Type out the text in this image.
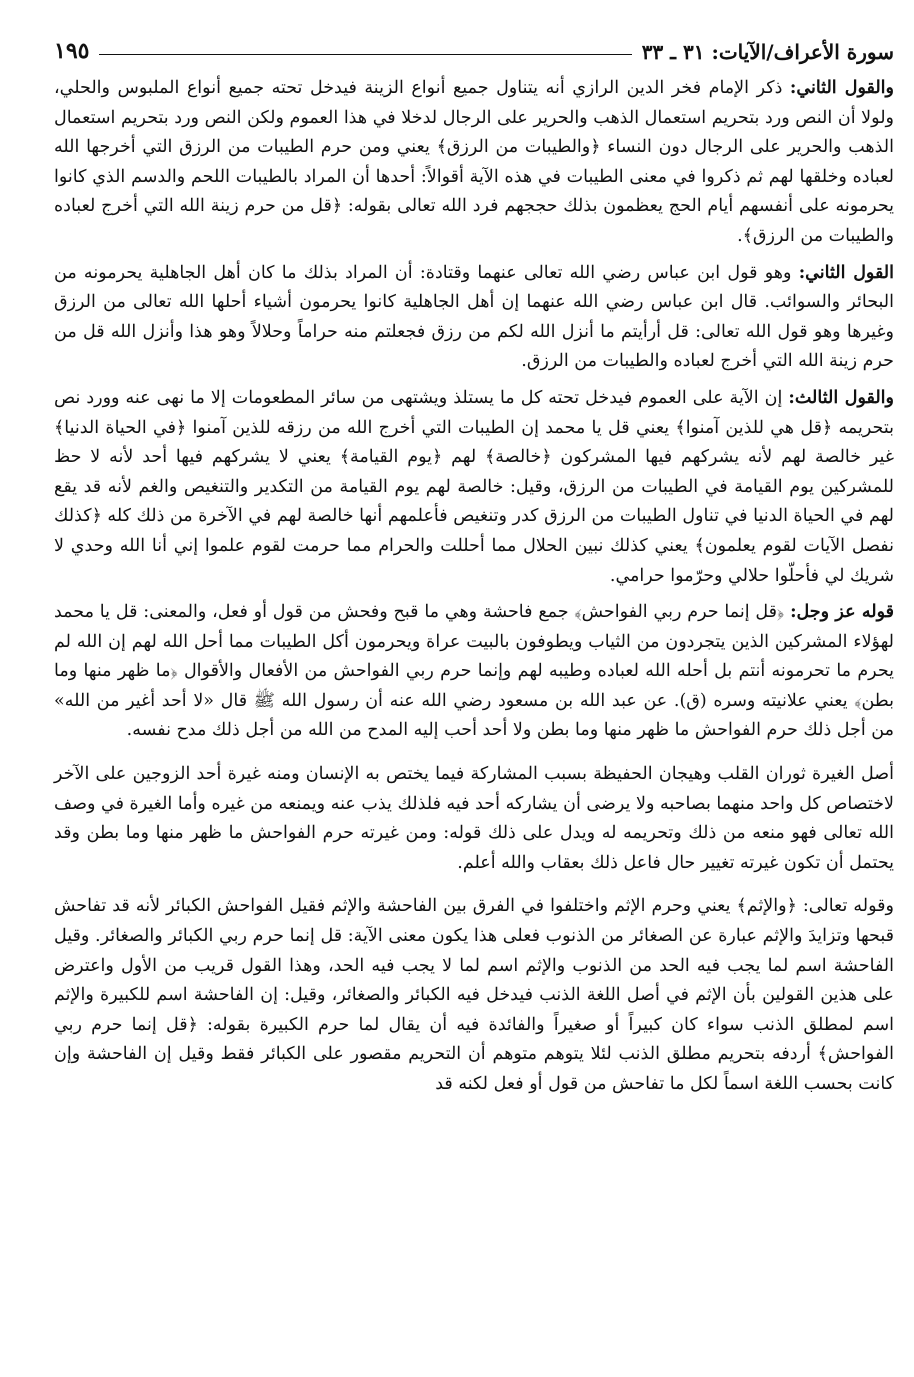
سورة الأعراف/الآيات: ٣١ ـ ٣٣
١٩٥

والقول الثاني: ذكر الإمام فخر الدين الرازي أنه يتناول جميع أنواع الزينة فيدخل تحته جميع أنواع الملبوس والحلي، ولولا أن النص ورد بتحريم استعمال الذهب والحرير على الرجال لدخلا في هذا العموم ولكن النص ورد بتحريم استعمال الذهب والحرير على الرجال دون النساء ﴿والطيبات من الرزق﴾ يعني ومن حرم الطيبات من الرزق التي أخرجها الله لعباده وخلقها لهم ثم ذكروا في معنى الطيبات في هذه الآية أقوالاً: أحدها أن المراد بالطيبات اللحم والدسم الذي كانوا يحرمونه على أنفسهم أيام الحج يعظمون بذلك حججهم فرد الله تعالى بقوله: ﴿قل من حرم زينة الله التي أخرج لعباده والطيبات من الرزق﴾.

القول الثاني: وهو قول ابن عباس رضي الله تعالى عنهما وقتادة: أن المراد بذلك ما كان أهل الجاهلية يحرمونه من البحائر والسوائب. قال ابن عباس رضي الله عنهما إن أهل الجاهلية كانوا يحرمون أشياء أحلها الله تعالى من الرزق وغيرها وهو قول الله تعالى: قل أرأيتم ما أنزل الله لكم من رزق فجعلتم منه حراماً وحلالاً وهو هذا وأنزل الله قل من حرم زينة الله التي أخرج لعباده والطيبات من الرزق.

والقول الثالث: إن الآية على العموم فيدخل تحته كل ما يستلذ ويشتهى من سائر المطعومات إلا ما نهى عنه وورد نص بتحريمه ﴿قل هي للذين آمنوا﴾ يعني قل يا محمد إن الطيبات التي أخرج الله من رزقه للذين آمنوا ﴿في الحياة الدنيا﴾ غير خالصة لهم لأنه يشركهم فيها المشركون ﴿خالصة﴾ لهم ﴿يوم القيامة﴾ يعني لا يشركهم فيها أحد لأنه لا حظ للمشركين يوم القيامة في الطيبات من الرزق، وقيل: خالصة لهم يوم القيامة من التكدير والتنغيص والغم لأنه قد يقع لهم في الحياة الدنيا في تناول الطيبات من الرزق كدر وتنغيص فأعلمهم أنها خالصة لهم في الآخرة من ذلك كله ﴿كذلك نفصل الآيات لقوم يعلمون﴾ يعني كذلك نبين الحلال مما أحللت والحرام مما حرمت لقوم علموا إني أنا الله وحدي لا شريك لي فأحلّوا حلالي وحرّموا حرامي.

قوله عز وجل: ﴿قل إنما حرم ربي الفواحش﴾ جمع فاحشة وهي ما قبح وفحش من قول أو فعل، والمعنى: قل يا محمد لهؤلاء المشركين الذين يتجردون من الثياب ويطوفون بالبيت عراة ويحرمون أكل الطيبات مما أحل الله لهم إن الله لم يحرم ما تحرمونه أنتم بل أحله الله لعباده وطيبه لهم وإنما حرم ربي الفواحش من الأفعال والأقوال ﴿ما ظهر منها وما بطن﴾ يعني علانيته وسره (ق). عن عبد الله بن مسعود رضي الله عنه أن رسول الله ﷺ قال «لا أحد أغير من الله» من أجل ذلك حرم الفواحش ما ظهر منها وما بطن ولا أحد أحب إليه المدح من الله من أجل ذلك مدح نفسه.

أصل الغيرة ثوران القلب وهيجان الحفيظة بسبب المشاركة فيما يختص به الإنسان ومنه غيرة أحد الزوجين على الآخر لاختصاص كل واحد منهما بصاحبه ولا يرضى أن يشاركه أحد فيه فلذلك يذب عنه ويمنعه من غيره وأما الغيرة في وصف الله تعالى فهو منعه من ذلك وتحريمه له ويدل على ذلك قوله: ومن غيرته حرم الفواحش ما ظهر منها وما بطن وقد يحتمل أن تكون غيرته تغيير حال فاعل ذلك بعقاب والله أعلم.

وقوله تعالى: ﴿والإثم﴾ يعني وحرم الإثم واختلفوا في الفرق بين الفاحشة والإثم فقيل الفواحش الكبائر لأنه قد تفاحش قبحها وتزايدَ والإثم عبارة عن الصغائر من الذنوب فعلى هذا يكون معنى الآية: قل إنما حرم ربي الكبائر والصغائر. وقيل الفاحشة اسم لما يجب فيه الحد من الذنوب والإثم اسم لما لا يجب فيه الحد، وهذا القول قريب من الأول واعترض على هذين القولين بأن الإثم في أصل اللغة الذنب فيدخل فيه الكبائر والصغائر، وقيل: إن الفاحشة اسم للكبيرة والإثم اسم لمطلق الذنب سواء كان كبيراً أو صغيراً والفائدة فيه أن يقال لما حرم الكبيرة بقوله: ﴿قل إنما حرم ربي الفواحش﴾ أردفه بتحريم مطلق الذنب لئلا يتوهم متوهم أن التحريم مقصور على الكبائر فقط وقيل إن الفاحشة وإن كانت بحسب اللغة اسماً لكل ما تفاحش من قول أو فعل لكنه قد
